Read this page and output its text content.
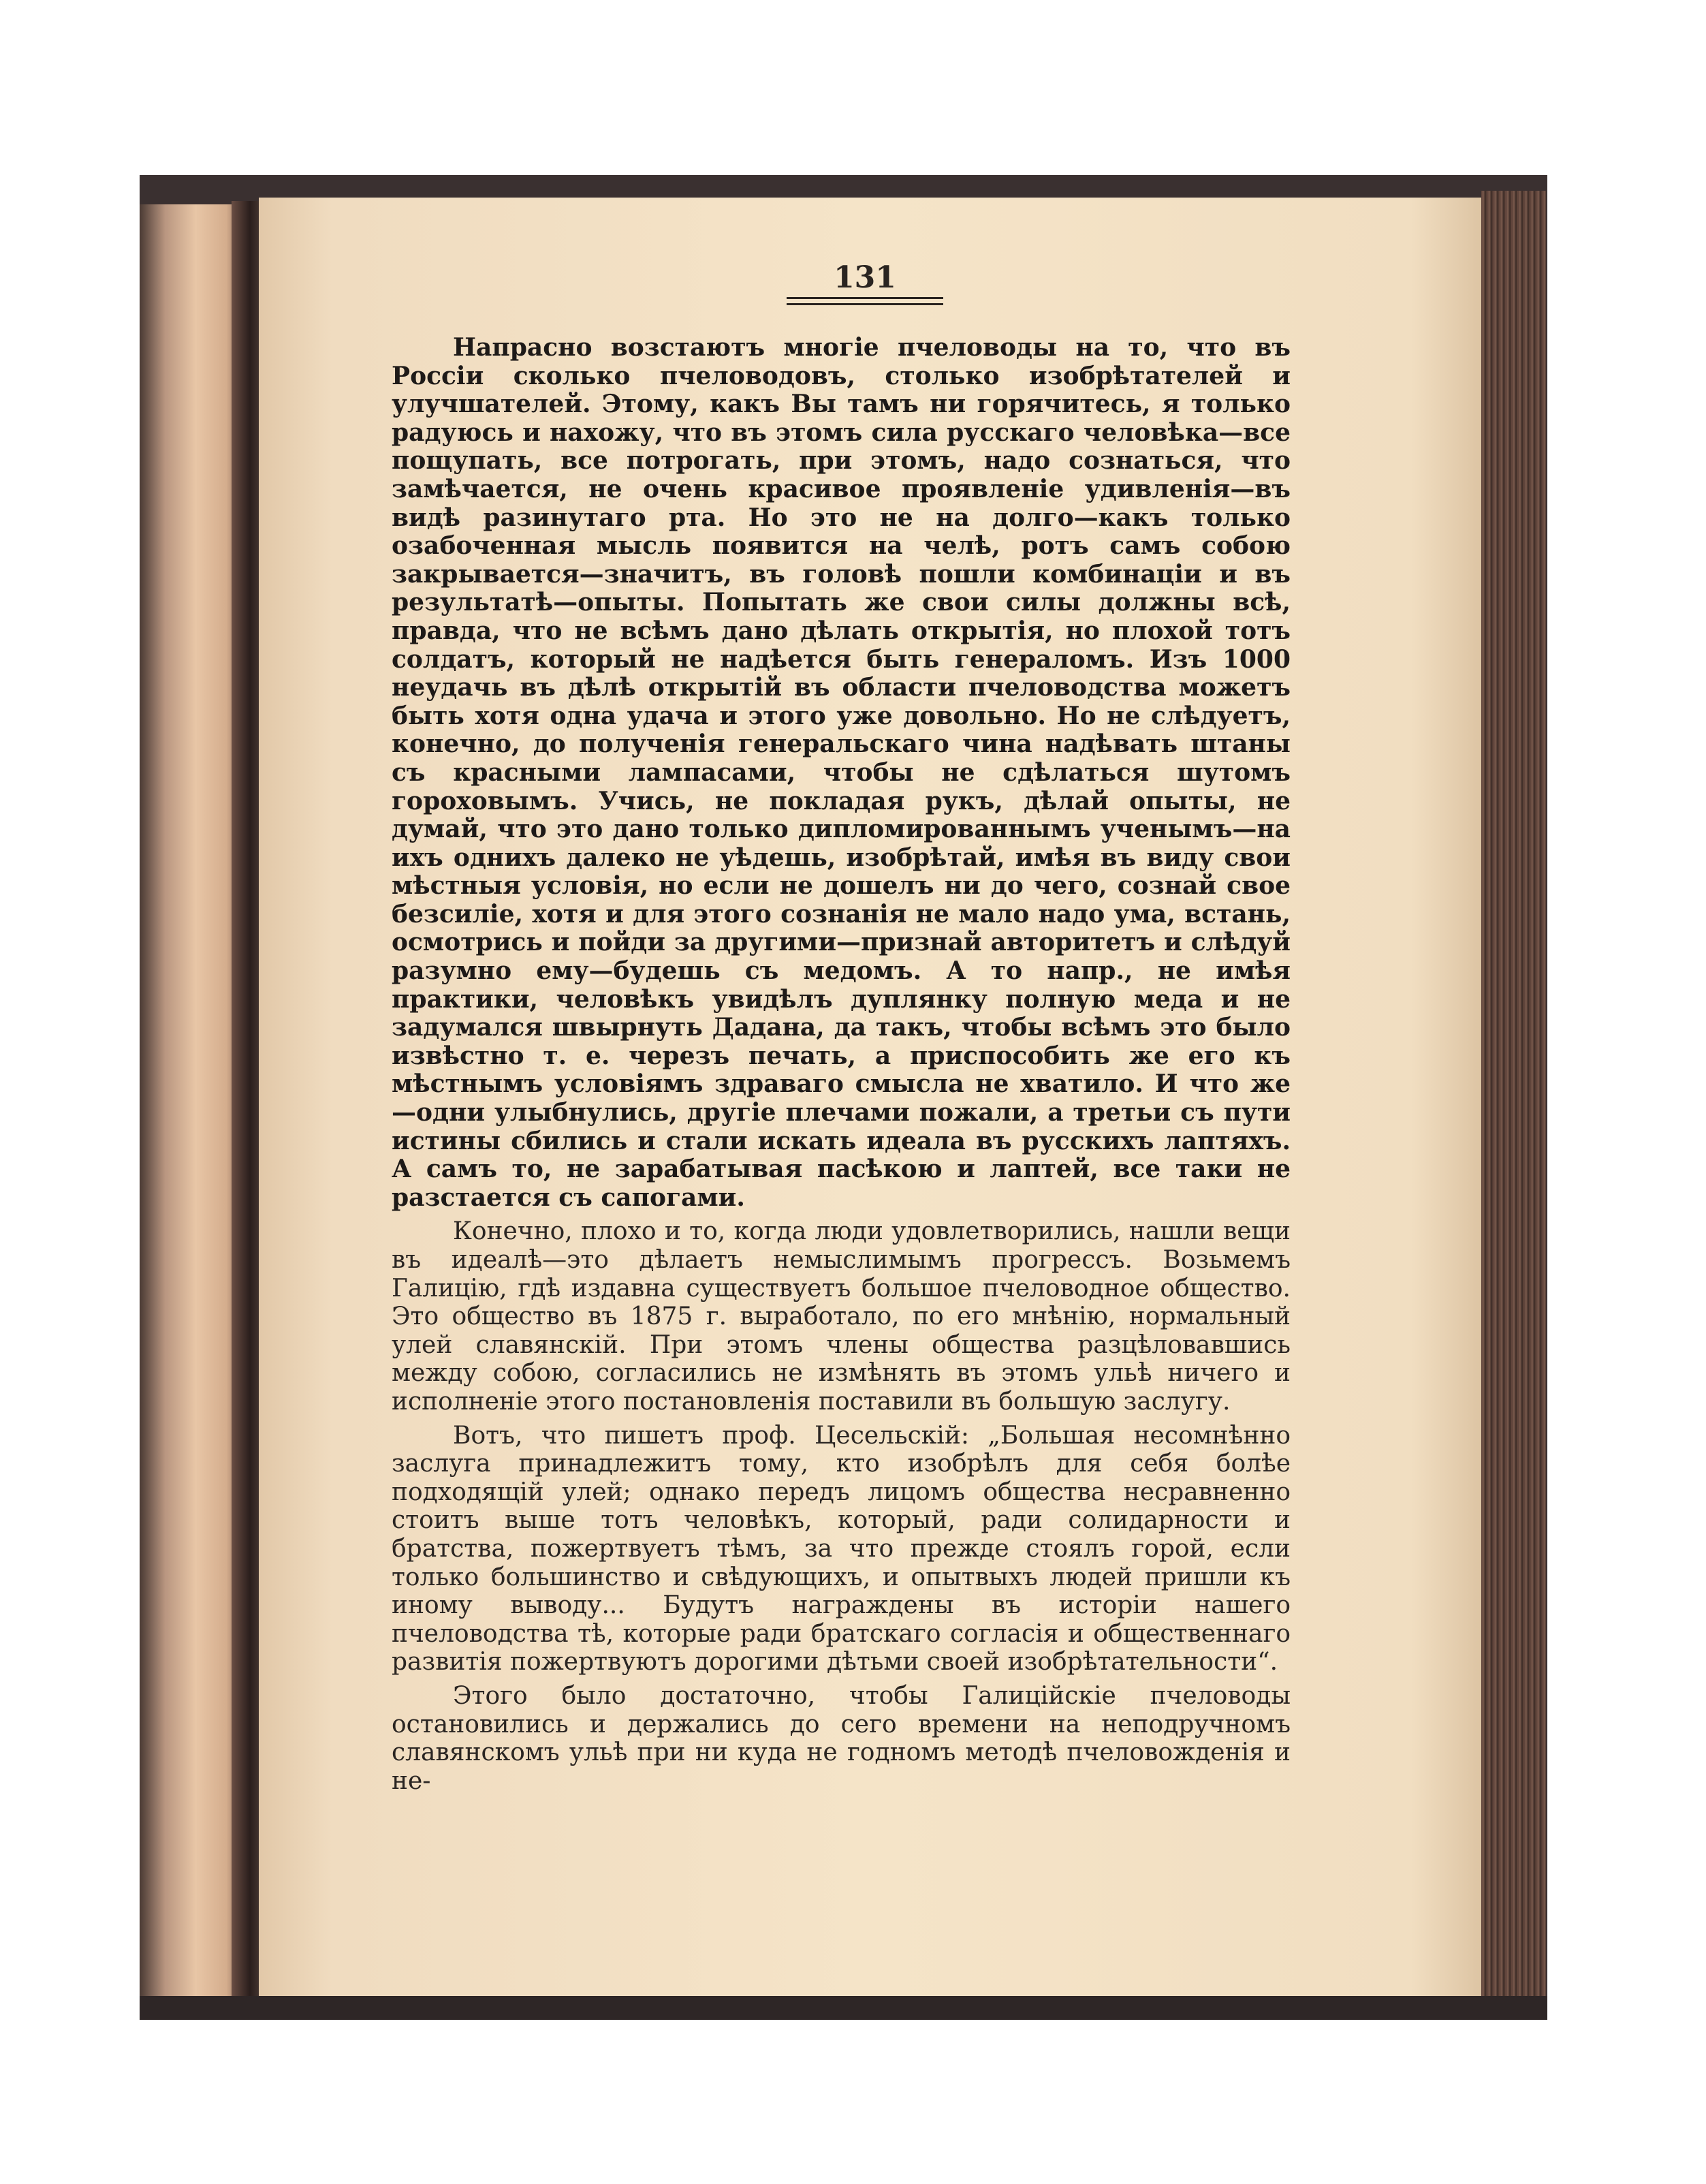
131

Напрасно возстаютъ многіе пчеловоды на то, что въ Россіи сколько пчеловодовъ, столько изобрѣтателей и улучшателей. Этому, какъ Вы тамъ ни горячитесь, я только радуюсь и нахожу, что въ этомъ сила русскаго человѣка—все пощупать, все потрогать, при этомъ, надо сознаться, что замѣчается, не очень красивое проявленіе удивленія—въ видѣ разинутаго рта. Но это не на долго—какъ только озабоченная мысль появится на челѣ, ротъ самъ собою закрывается—значитъ, въ головѣ пошли комбинаціи и въ результатѣ—опыты. Попытать же свои силы должны всѣ, правда, что не всѣмъ дано дѣлать открытія, но плохой тотъ солдатъ, который не надѣется быть генераломъ. Изъ 1000 неудачь въ дѣлѣ открытій въ области пчеловодства можетъ быть хотя одна удача и этого уже довольно. Но не слѣдуетъ, конечно, до полученія генеральскаго чина надѣвать штаны съ красными лампасами, чтобы не сдѣлаться шутомъ гороховымъ. Учись, не покладая рукъ, дѣлай опыты, не думай, что это дано только дипломированнымъ ученымъ—на ихъ однихъ далеко не уѣдешь, изобрѣтай, имѣя въ виду свои мѣстныя условія, но если не дошелъ ни до чего, сознай свое безсиліе, хотя и для этого сознанія не мало надо ума, встань, осмотрись и пойди за другими—признай авторитетъ и слѣдуй разумно ему—будешь съ медомъ. А то напр., не имѣя практики, человѣкъ увидѣлъ дуплянку полную меда и не задумался швырнуть Дадана, да такъ, чтобы всѣмъ это было извѣстно т. е. черезъ печать, а приспособить же его къ мѣстнымъ условіямъ здраваго смысла не хватило. И что же—одни улыбнулись, другіе плечами пожали, а третьи съ пути истины сбились и стали искать идеала въ русскихъ лаптяхъ. А самъ то, не зарабатывая пасѣкою и лаптей, все таки не разстается съ сапогами.

Конечно, плохо и то, когда люди удовлетворились, нашли вещи въ идеалѣ—это дѣлаетъ немыслимымъ прогрессъ. Возьмемъ Галицію, гдѣ издавна существуетъ большое пчеловодное общество. Это общество въ 1875 г. выработало, по его мнѣнію, нормальный улей славянскій. При этомъ члены общества разцѣловавшись между собою, согласились не измѣнять въ этомъ ульѣ ничего и исполненіе этого постановленія поставили въ большую заслугу.

Вотъ, что пишетъ проф. Цесельскій: „Большая несомнѣнно заслуга принадлежитъ тому, кто изобрѣлъ для себя болѣе подходящій улей; однако передъ лицомъ общества несравненно стоитъ выше тотъ человѣкъ, который, ради солидарности и братства, пожертвуетъ тѣмъ, за что прежде стоялъ горой, если только большинство и свѣдующихъ, и опытвыхъ людей пришли къ иному выводу... Будутъ награждены въ исторіи нашего пчеловодства тѣ, которые ради братскаго согласія и общественнаго развитія пожертвуютъ дорогими дѣтьми своей изобрѣтательности“.

Этого было достаточно, чтобы Галиційскіе пчеловоды остановились и держались до сего времени на неподручномъ славянскомъ ульѣ при ни куда не годномъ методѣ пчеловожденія и не-
